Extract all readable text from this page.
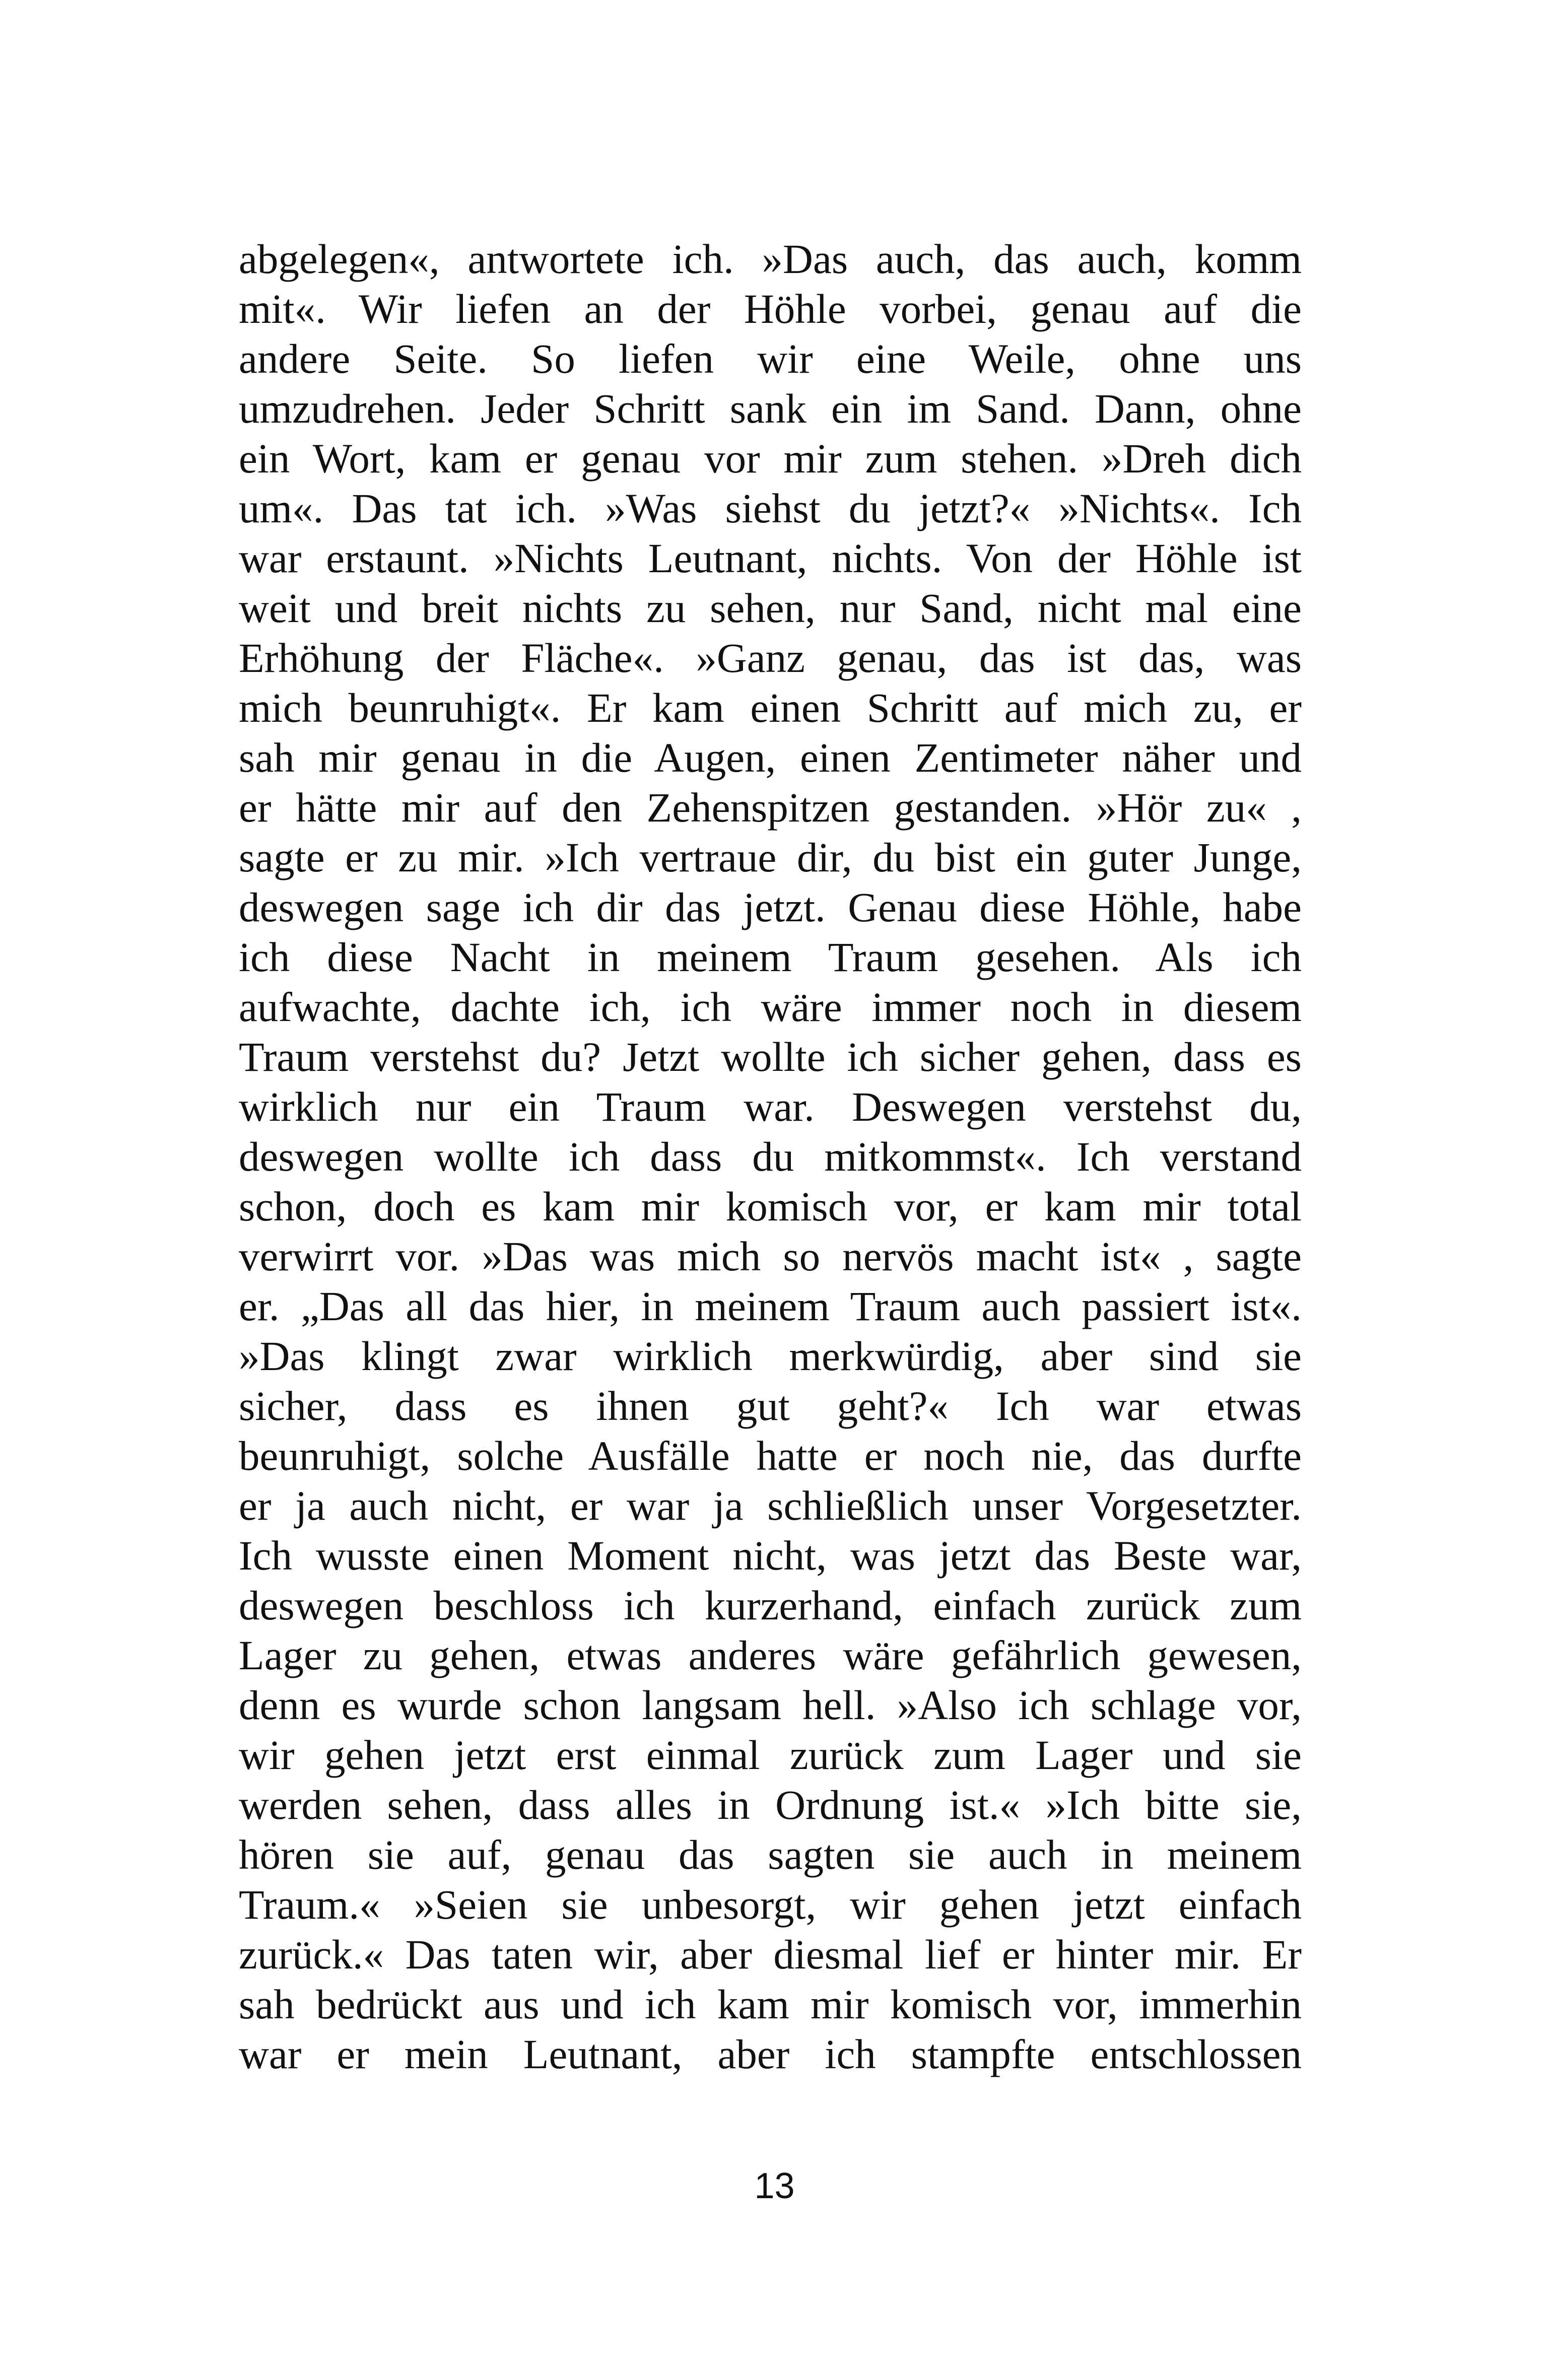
abgelegen«, antwortete ich. »Das auch, das auch, komm
mit«. Wir liefen an der Höhle vorbei, genau auf die
andere Seite. So liefen wir eine Weile, ohne uns
umzudrehen. Jeder Schritt sank ein im Sand. Dann, ohne
ein Wort, kam er genau vor mir zum stehen. »Dreh dich
um«. Das tat ich. »Was siehst du jetzt?« »Nichts«. Ich
war erstaunt. »Nichts Leutnant, nichts. Von der Höhle ist
weit und breit nichts zu sehen, nur Sand, nicht mal eine
Erhöhung der Fläche«. »Ganz genau, das ist das, was
mich beunruhigt«. Er kam einen Schritt auf mich zu, er
sah mir genau in die Augen, einen Zentimeter näher und
er hätte mir auf den Zehenspitzen gestanden. »Hör zu« ,
sagte er zu mir. »Ich vertraue dir, du bist ein guter Junge,
deswegen sage ich dir das jetzt. Genau diese Höhle, habe
ich diese Nacht in meinem Traum gesehen. Als ich
aufwachte, dachte ich, ich wäre immer noch in diesem
Traum verstehst du? Jetzt wollte ich sicher gehen, dass es
wirklich nur ein Traum war. Deswegen verstehst du,
deswegen wollte ich dass du mitkommst«. Ich verstand
schon, doch es kam mir komisch vor, er kam mir total
verwirrt vor. »Das was mich so nervös macht ist« , sagte
er. „Das all das hier, in meinem Traum auch passiert ist«.
»Das klingt zwar wirklich merkwürdig, aber sind sie
sicher, dass es ihnen gut geht?« Ich war etwas
beunruhigt, solche Ausfälle hatte er noch nie, das durfte
er ja auch nicht, er war ja schließlich unser Vorgesetzter.
Ich wusste einen Moment nicht, was jetzt das Beste war,
deswegen beschloss ich kurzerhand, einfach zurück zum
Lager zu gehen, etwas anderes wäre gefährlich gewesen,
denn es wurde schon langsam hell. »Also ich schlage vor,
wir gehen jetzt erst einmal zurück zum Lager und sie
werden sehen, dass alles in Ordnung ist.« »Ich bitte sie,
hören sie auf, genau das sagten sie auch in meinem
Traum.« »Seien sie unbesorgt, wir gehen jetzt einfach
zurück.« Das taten wir, aber diesmal lief er hinter mir. Er
sah bedrückt aus und ich kam mir komisch vor, immerhin
war er mein Leutnant, aber ich stampfte entschlossen
13
